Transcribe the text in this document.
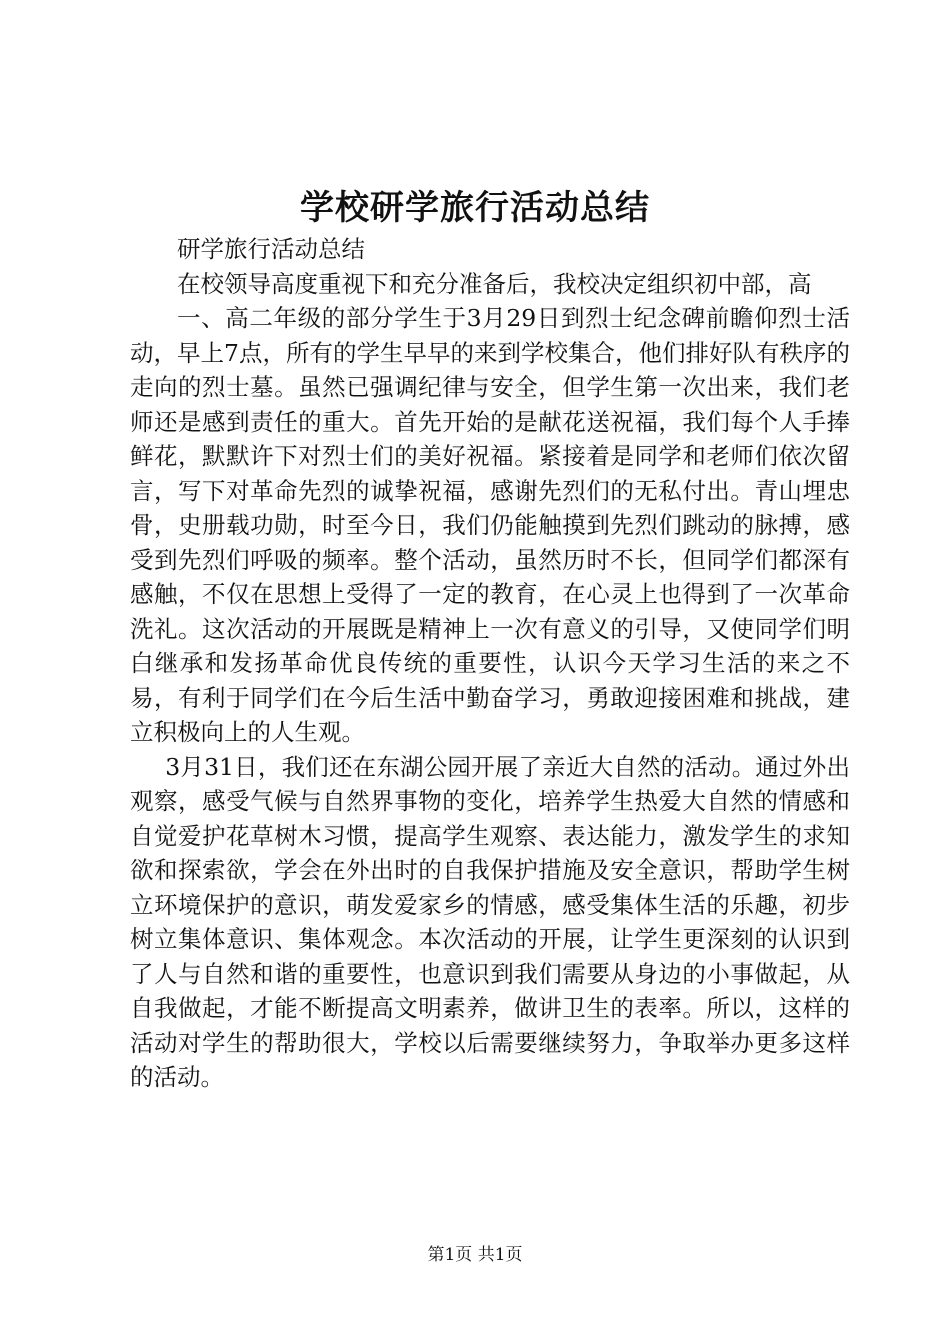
学校研学旅行活动总结

研学旅行活动总结

在校领导高度重视下和充分准备后，我校决定组织初中部，高

一、高二年级的部分学生于3月29日到烈士纪念碑前瞻仰烈士活动，早上7点，所有的学生早早的来到学校集合，他们排好队有秩序的走向的烈士墓。虽然已强调纪律与安全，但学生第一次出来，我们老师还是感到责任的重大。首先开始的是献花送祝福，我们每个人手捧鲜花，默默许下对烈士们的美好祝福。紧接着是同学和老师们依次留言，写下对革命先烈的诚挚祝福，感谢先烈们的无私付出。青山埋忠骨，史册载功勋，时至今日，我们仍能触摸到先烈们跳动的脉搏，感受到先烈们呼吸的频率。整个活动，虽然历时不长，但同学们都深有感触，不仅在思想上受得了一定的教育，在心灵上也得到了一次革命洗礼。这次活动的开展既是精神上一次有意义的引导，又使同学们明白继承和发扬革命优良传统的重要性，认识今天学习生活的来之不易，有利于同学们在今后生活中勤奋学习，勇敢迎接困难和挑战，建立积极向上的人生观。

3月31日，我们还在东湖公园开展了亲近大自然的活动。通过外出观察，感受气候与自然界事物的变化，培养学生热爱大自然的情感和自觉爱护花草树木习惯，提高学生观察、表达能力，激发学生的求知欲和探索欲，学会在外出时的自我保护措施及安全意识，帮助学生树立环境保护的意识，萌发爱家乡的情感，感受集体生活的乐趣，初步树立集体意识、集体观念。本次活动的开展，让学生更深刻的认识到了人与自然和谐的重要性，也意识到我们需要从身边的小事做起，从自我做起，才能不断提高文明素养，做讲卫生的表率。所以，这样的活动对学生的帮助很大，学校以后需要继续努力，争取举办更多这样的活动。

第1页 共1页
